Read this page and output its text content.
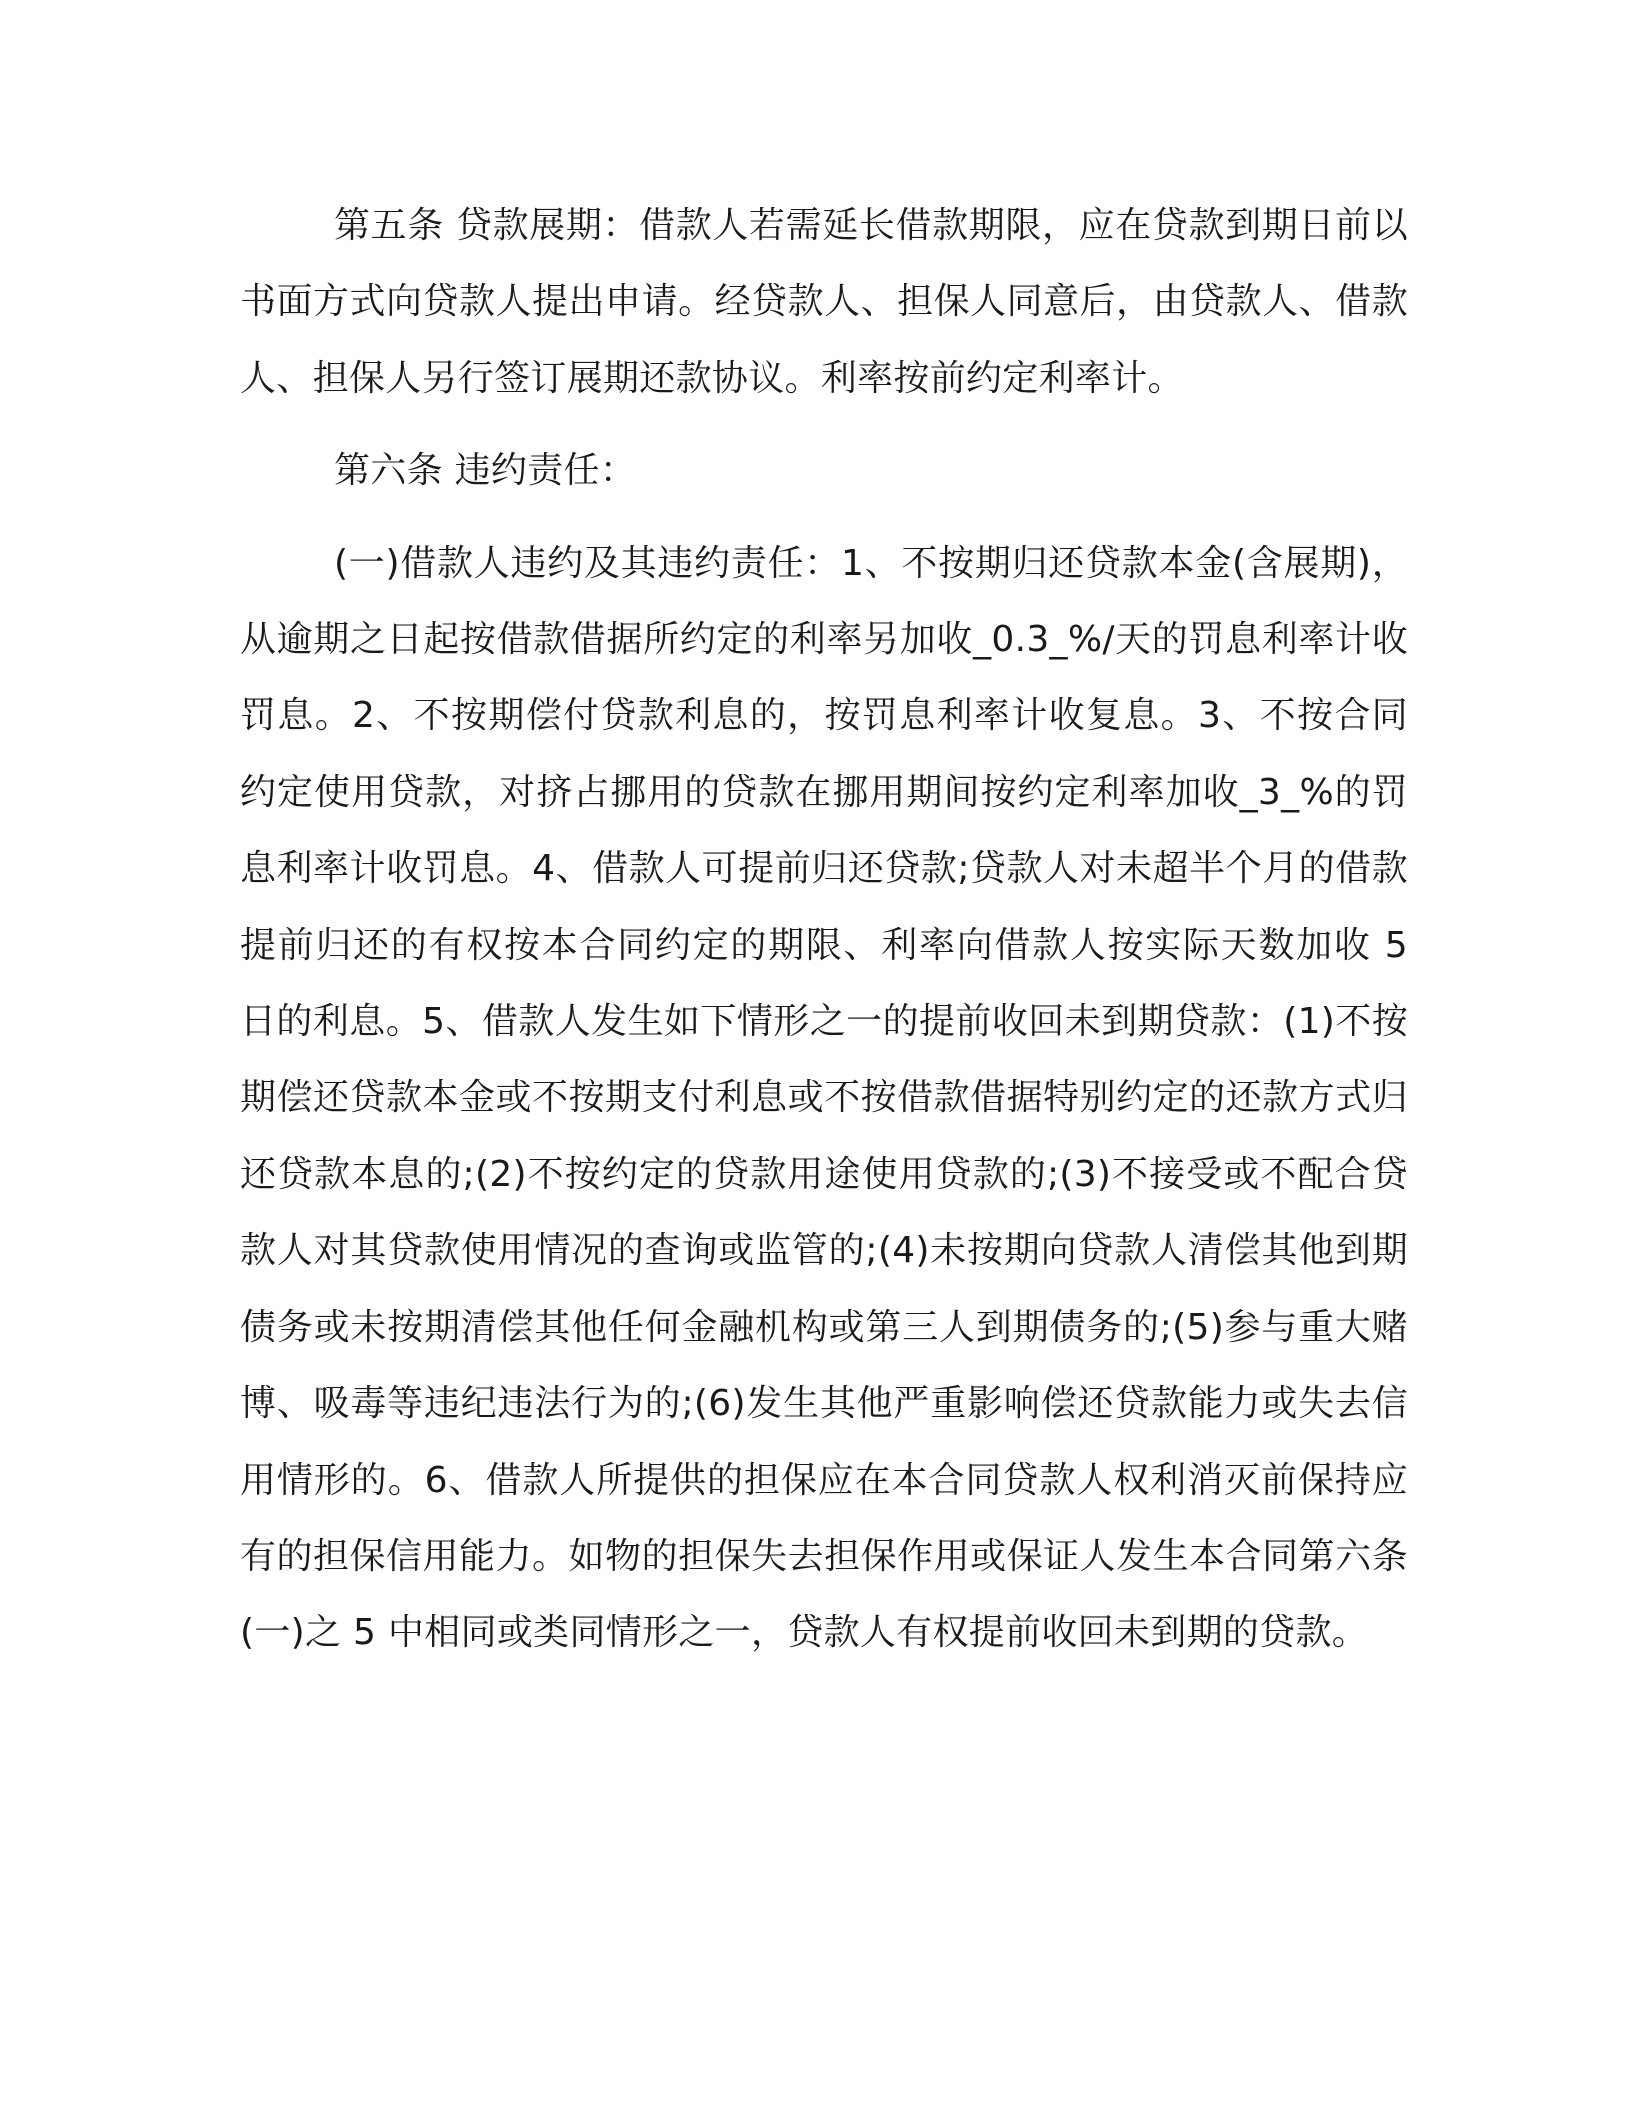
第五条 贷款展期：借款人若需延长借款期限，应在贷款到期日前以书面方式向贷款人提出申请。经贷款人、担保人同意后，由贷款人、借款人、担保人另行签订展期还款协议。利率按前约定利率计。

第六条 违约责任：

(一)借款人违约及其违约责任：1、不按期归还贷款本金(含展期)，从逾期之日起按借款借据所约定的利率另加收_0.3_%/天的罚息利率计收罚息。2、不按期偿付贷款利息的，按罚息利率计收复息。3、不按合同约定使用贷款，对挤占挪用的贷款在挪用期间按约定利率加收_3_%的罚息利率计收罚息。4、借款人可提前归还贷款;贷款人对未超半个月的借款提前归还的有权按本合同约定的期限、利率向借款人按实际天数加收 5 日的利息。5、借款人发生如下情形之一的提前收回未到期贷款：(1)不按期偿还贷款本金或不按期支付利息或不按借款借据特别约定的还款方式归还贷款本息的;(2)不按约定的贷款用途使用贷款的;(3)不接受或不配合贷款人对其贷款使用情况的查询或监管的;(4)未按期向贷款人清偿其他到期债务或未按期清偿其他任何金融机构或第三人到期债务的;(5)参与重大赌博、吸毒等违纪违法行为的;(6)发生其他严重影响偿还贷款能力或失去信用情形的。6、借款人所提供的担保应在本合同贷款人权利消灭前保持应有的担保信用能力。如物的担保失去担保作用或保证人发生本合同第六条(一)之 5 中相同或类同情形之一，贷款人有权提前收回未到期的贷款。
